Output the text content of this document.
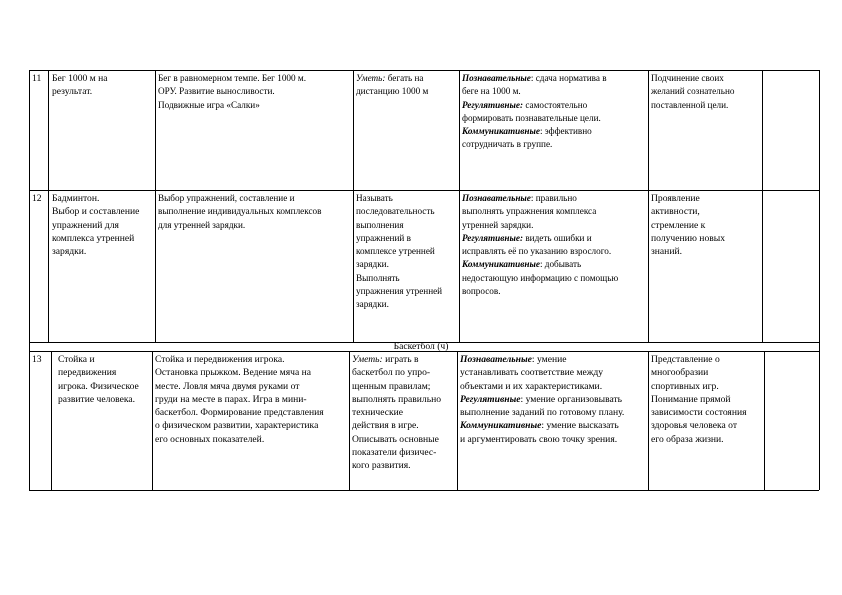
11 Бег 1000 м на
результат.
Бег в равномерном темпе. Бег 1000 м.
ОРУ. Развитие выносливости.
Подвижные игра «Салки»
Уметь: бегать на
дистанцию 1000 м
Познавательные: сдача норматива в
беге на 1000 м.
Регулятивные: самостоятельно
формировать познавательные цели.
Коммуникативные: эффективно
сотрудничать в группе.
Подчинение своих
желаний сознательно
поставленной цели.
12 Бадминтон.
Выбор и составление
упражнений для
комплекса утренней
зарядки.
Выбор упражнений, составление и
выполнение индивидуальных комплексов
для утренней зарядки.
Называть
последовательность
выполнения
упражнений в
комплексе утренней
зарядки.
Выполнять
упражнения утренней
зарядки.
Познавательные: правильно
выполнять упражнения комплекса
утренней зарядки.
Регулятивные: видеть ошибки и
исправлять её по указанию взрослого.
Коммуникативные: добывать
недостающую информацию с помощью
вопросов.
Проявление
активности,
стремление к
получению новых
знаний.
Баскетбол (ч)
13 Стойка и
передвижения
игрока. Физическое
развитие человека.
Стойка и передвижения игрока.
Остановка прыжком. Ведение мяча на
месте. Ловля мяча двумя руками от
груди на месте в парах. Игра в мини-
баскетбол. Формирование представления
о физическом развитии, характеристика
его основных показателей.
Уметь: играть в
баскетбол по упро-
щенным правилам;
выполнять правильно
технические
действия в игре.
Описывать основные
показатели физичес-
кого развития.
Познавательные: умение
устанавливать соответствие между
объектами и их характеристиками.
Регулятивные: умение организовывать
выполнение заданий по готовому плану.
Коммуникативные: умение высказать
и аргументировать свою точку зрения.
Представление о
многообразии
спортивных игр.
Понимание прямой
зависимости состояния
здоровья человека от
его образа жизни.
